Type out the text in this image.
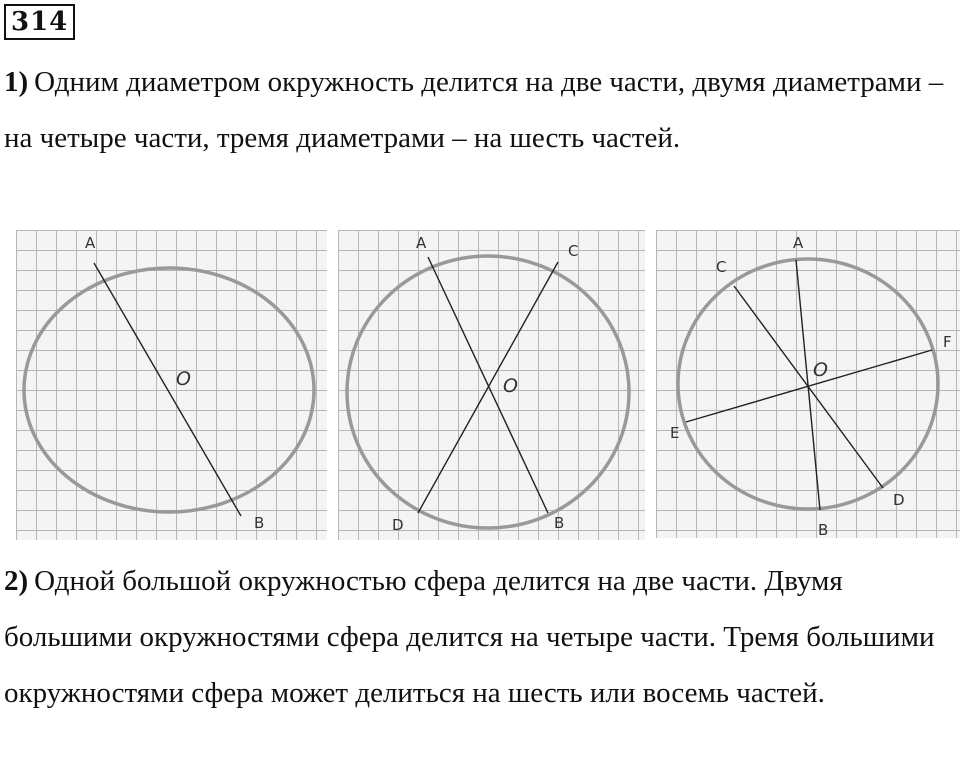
314

1) Одним диаметром окружность делится на две части, двумя диаметрами – на четыре части, тремя диаметрами – на шесть частей.

A
O
B
A	C
O
D	B
A
C
F
O
E
D
B

2) Одной большой окружностью сфера делится на две части. Двумя большими окружностями сфера делится на четыре части. Тремя большими окружностями сфера может делиться на шесть или восемь частей.
